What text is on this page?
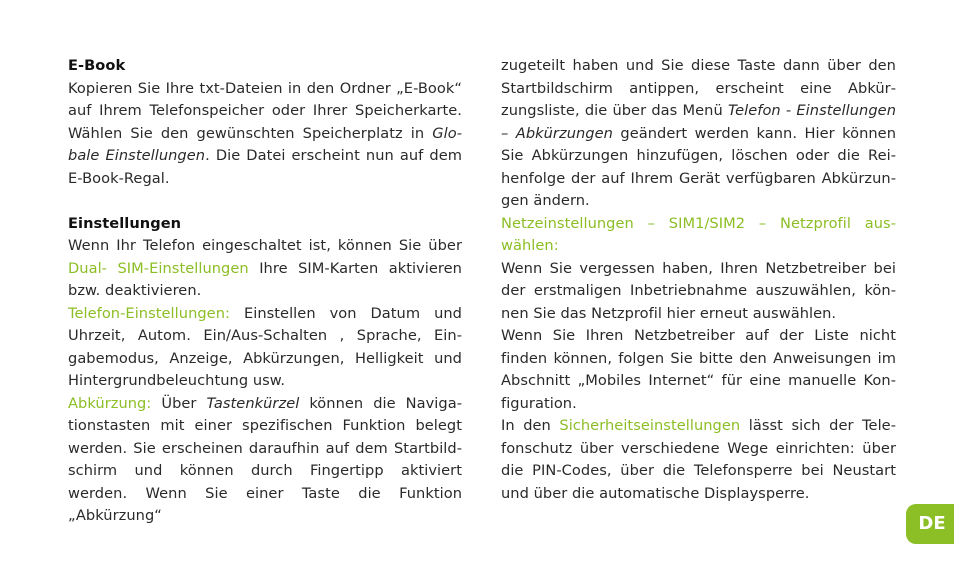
E-Book

Kopieren Sie Ihre txt-Dateien in den Ordner „E-Book“ auf Ihrem Telefonspeicher oder Ihrer Speicherkarte. Wählen Sie den gewünschten Speicherplatz in Globale Einstellungen. Die Datei erscheint nun auf dem E-Book-Regal.

Einstellungen

Wenn Ihr Telefon eingeschaltet ist, können Sie über Dual- SIM-Einstellungen Ihre SIM-Karten aktivieren bzw. deaktivieren.

Telefon-Einstellungen: Einstellen von Datum und Uhrzeit, Autom. Ein/Aus-Schalten , Sprache, Eingabemodus, Anzeige, Abkürzungen, Helligkeit und Hintergrundbeleuchtung usw.

Abkürzung: Über Tastenkürzel können die Navigationstasten mit einer spezifischen Funktion belegt werden. Sie erscheinen daraufhin auf dem Startbildschirm und können durch Fingertipp aktiviert werden. Wenn Sie einer Taste die Funktion „Abkürzung“

zugeteilt haben und Sie diese Taste dann über den Startbildschirm antippen, erscheint eine Abkürzungsliste, die über das Menü Telefon - Einstellungen – Abkürzungen geändert werden kann. Hier können Sie Abkürzungen hinzufügen, löschen oder die Reihenfolge der auf Ihrem Gerät verfügbaren Abkürzungen ändern.

Netzeinstellungen – SIM1/SIM2 – Netzprofil auswählen:

Wenn Sie vergessen haben, Ihren Netzbetreiber bei der erstmaligen Inbetriebnahme auszuwählen, können Sie das Netzprofil hier erneut auswählen.

Wenn Sie Ihren Netzbetreiber auf der Liste nicht finden können, folgen Sie bitte den Anweisungen im Abschnitt „Mobiles Internet“ für eine manuelle Konfiguration.

In den Sicherheitseinstellungen lässt sich der Telefonschutz über verschiedene Wege einrichten: über die PIN-Codes, über die Telefonsperre bei Neustart und über die automatische Displaysperre.

DE
